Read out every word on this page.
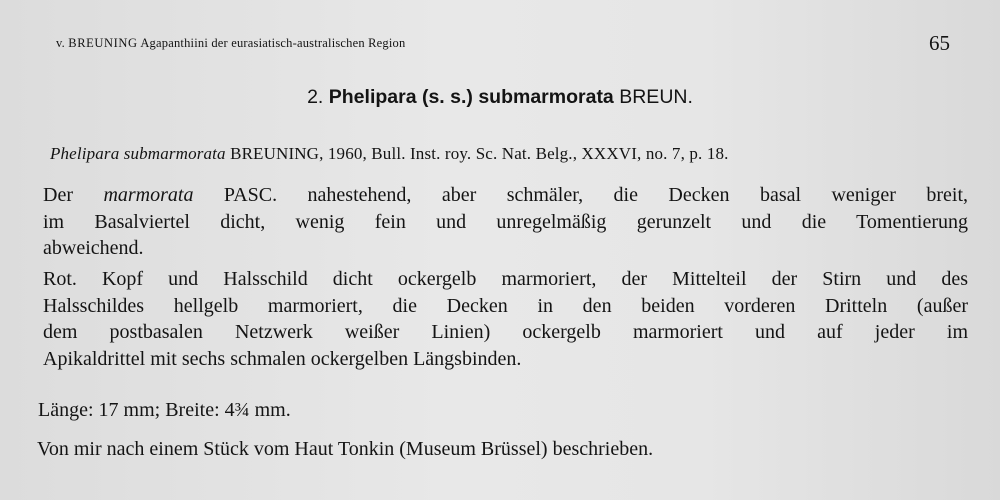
v. BREUNING Agapanthiini der eurasiatisch-australischen Region	65
2. Phelipara (s. s.) submarmorata BREUN.
Phelipara submarmorata BREUNING, 1960, Bull. Inst. roy. Sc. Nat. Belg., XXXVI, no. 7, p. 18.
Der marmorata PASC. nahestehend, aber schmäler, die Decken basal weniger breit,
im Basalviertel dicht, wenig fein und unregelmäßig gerunzelt und die Tomentierung
abweichend.
Rot. Kopf und Halsschild dicht ockergelb marmoriert, der Mittelteil der Stirn und des
Halsschildes hellgelb marmoriert, die Decken in den beiden vorderen Dritteln (außer
dem postbasalen Netzwerk weißer Linien) ockergelb marmoriert und auf jeder im
Apikaldrittel mit sechs schmalen ockergelben Längsbinden.
Länge: 17 mm; Breite: 4¾ mm.
Von mir nach einem Stück vom Haut Tonkin (Museum Brüssel) beschrieben.
